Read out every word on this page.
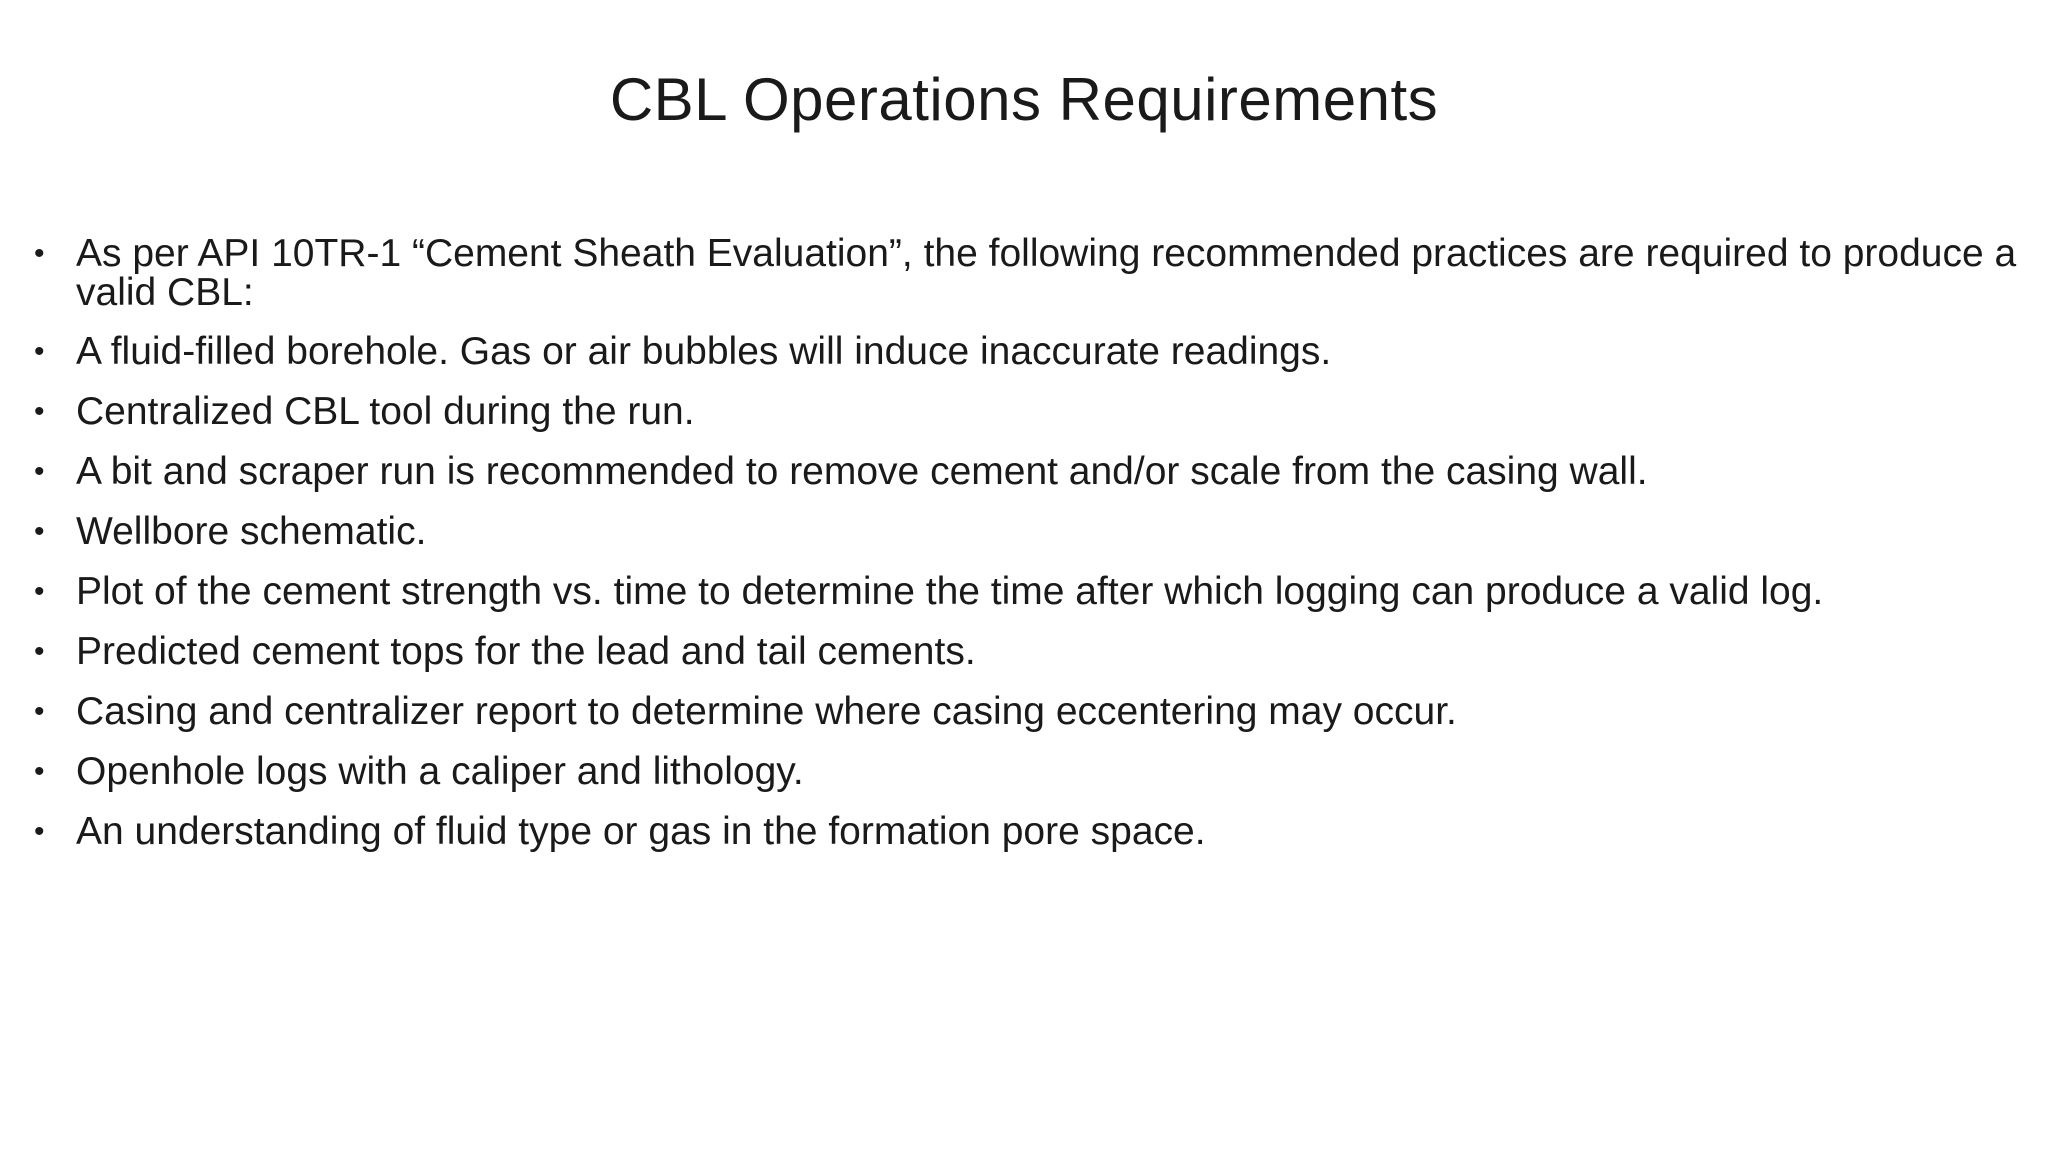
CBL Operations Requirements
• As per API 10TR-1 “Cement Sheath Evaluation”, the following recommended practices are required to produce a valid CBL:
• A fluid-filled borehole. Gas or air bubbles will induce inaccurate readings.
• Centralized CBL tool during the run.
• A bit and scraper run is recommended to remove cement and/or scale from the casing wall.
• Wellbore schematic.
• Plot of the cement strength vs. time to determine the time after which logging can produce a valid log.
• Predicted cement tops for the lead and tail cements.
• Casing and centralizer report to determine where casing eccentering may occur.
• Openhole logs with a caliper and lithology.
• An understanding of fluid type or gas in the formation pore space.
